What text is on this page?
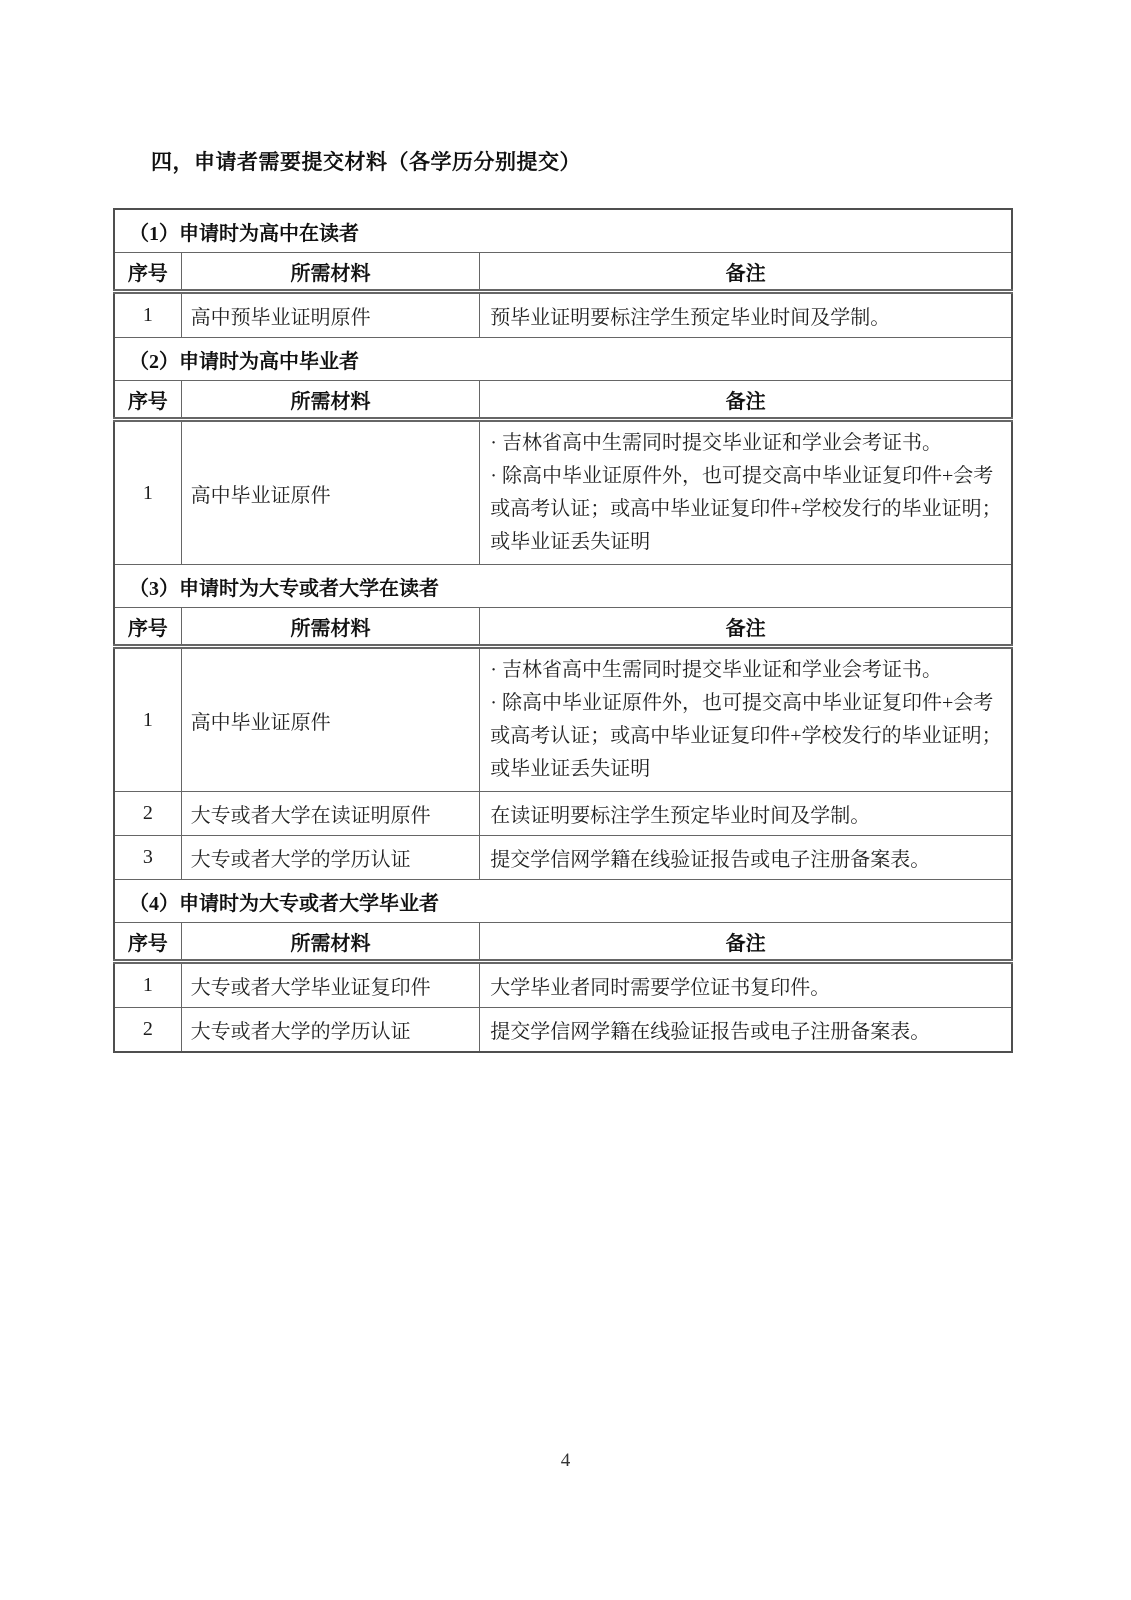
四，申请者需要提交材料（各学历分别提交）
（1）申请时为高中在读者		
序号	所需材料	备注
1	高中预毕业证明原件	预毕业证明要标注学生预定毕业时间及学制。
（2）申请时为高中毕业者		
序号	所需材料	备注
1	高中毕业证原件	· 吉林省高中生需同时提交毕业证和学业会考证书。
· 除高中毕业证原件外，也可提交高中毕业证复印件+会考或高考认证；或高中毕业证复印件+学校发行的毕业证明；或毕业证丢失证明

（3）申请时为大专或者大学在读者		
序号	所需材料	备注
1	高中毕业证原件	· 吉林省高中生需同时提交毕业证和学业会考证书。
· 除高中毕业证原件外，也可提交高中毕业证复印件+会考或高考认证；或高中毕业证复印件+学校发行的毕业证明；或毕业证丢失证明

2	大专或者大学在读证明原件	在读证明要标注学生预定毕业时间及学制。
3	大专或者大学的学历认证	提交学信网学籍在线验证报告或电子注册备案表。
（4）申请时为大专或者大学毕业者		
序号	所需材料	备注
1	大专或者大学毕业证复印件	大学毕业者同时需要学位证书复印件。
2	大专或者大学的学历认证	提交学信网学籍在线验证报告或电子注册备案表。
4
